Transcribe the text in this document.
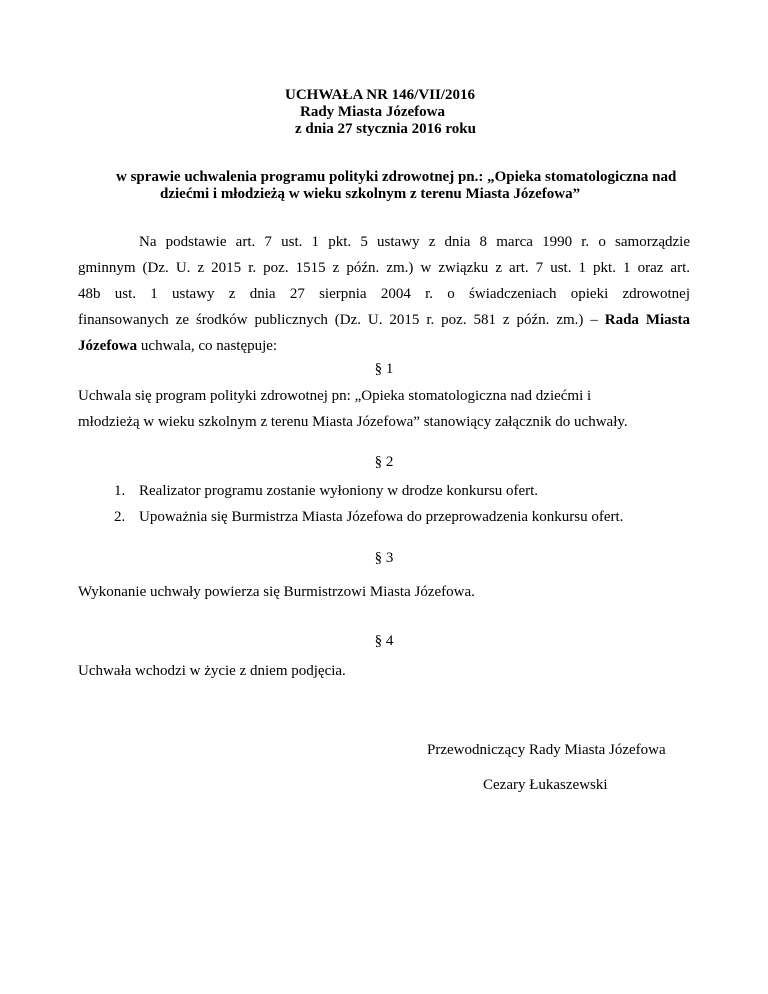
UCHWAŁA NR 146/VII/2016
Rady Miasta Józefowa
z dnia 27 stycznia 2016 roku
w sprawie uchwalenia programu polityki zdrowotnej pn.: „Opieka stomatologiczna nad
dziećmi i młodzieżą w wieku szkolnym z terenu Miasta Józefowa”
Na podstawie art. 7 ust. 1 pkt. 5 ustawy z dnia 8 marca 1990 r. o samorządzie
gminnym (Dz. U. z 2015 r. poz. 1515 z późn. zm.) w związku z art. 7 ust. 1 pkt. 1 oraz art.
48b ust. 1 ustawy z dnia 27 sierpnia 2004 r. o świadczeniach opieki zdrowotnej
finansowanych ze środków publicznych (Dz. U. 2015 r. poz. 581 z późn. zm.) – Rada Miasta
Józefowa uchwala, co następuje:
§ 1
Uchwala się program polityki zdrowotnej pn: „Opieka stomatologiczna nad dziećmi i
młodzieżą w wieku szkolnym z terenu Miasta Józefowa” stanowiący załącznik do uchwały.
§ 2
1. Realizator programu zostanie wyłoniony w drodze konkursu ofert.
2. Upoważnia się Burmistrza Miasta Józefowa do przeprowadzenia konkursu ofert.
§ 3
Wykonanie uchwały powierza się Burmistrzowi Miasta Józefowa.
§ 4
Uchwała wchodzi w życie z dniem podjęcia.
Przewodniczący Rady Miasta Józefowa
Cezary Łukaszewski
